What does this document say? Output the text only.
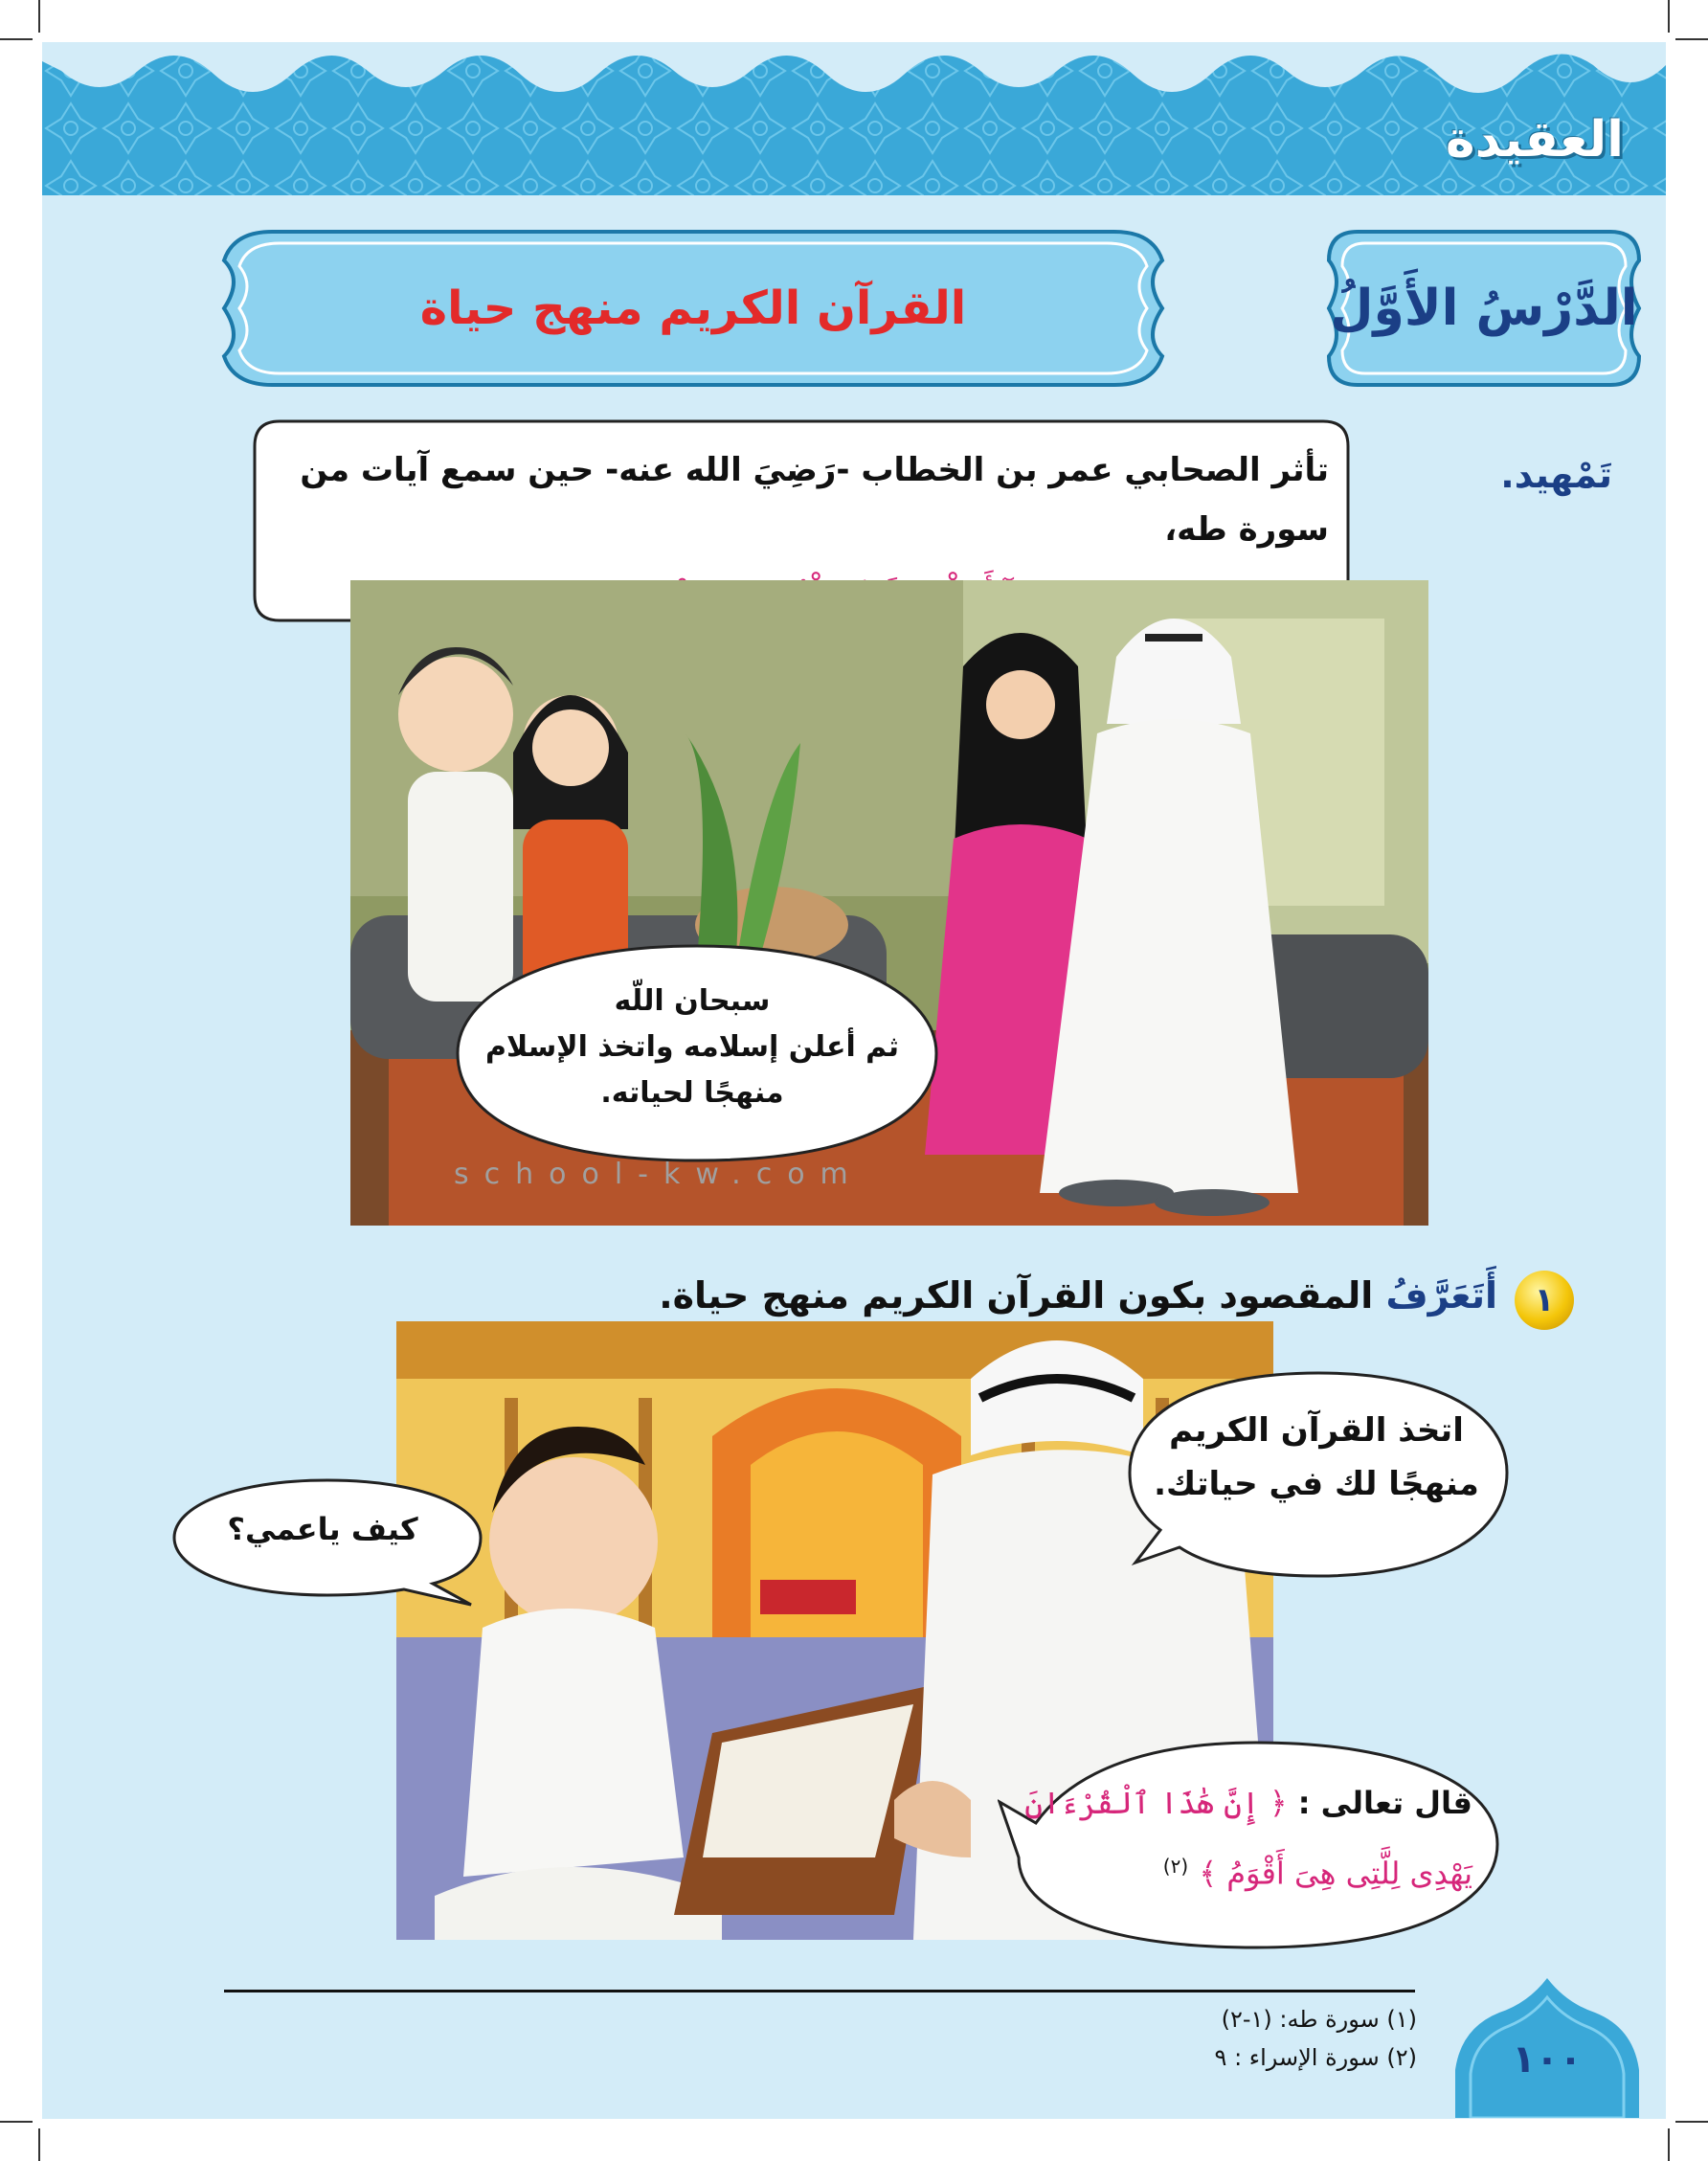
العقيدة
الدَّرْسُ الأَوَّلُ
القرآن الكريم منهج حياة
تَمْهيد.
تأثر الصحابي عمر بن الخطاب -رَضِيَ الله عنه- حين سمع آيات من سورة طه،
سبحان اللّه
ثم أعلن إسلامه واتخذ الإسلام
منهجًا لحياته.
school-kw.com
١
أَتَعَرَّفُ المقصود بكون القرآن الكريم منهج حياة.
اتخذ القرآن الكريم
منهجًا لك في حياتك.
كيف ياعمي؟
قال تعالى : ﴿ إِنَّ هَٰذَا ٱلْقُرْءَانَ
يَهْدِى لِلَّتِى هِىَ أَقْوَمُ ﴾ $^{(٢)}$
(١) سورة طه: (١-٢)
(٢) سورة الإسراء : ٩	١٠٠
